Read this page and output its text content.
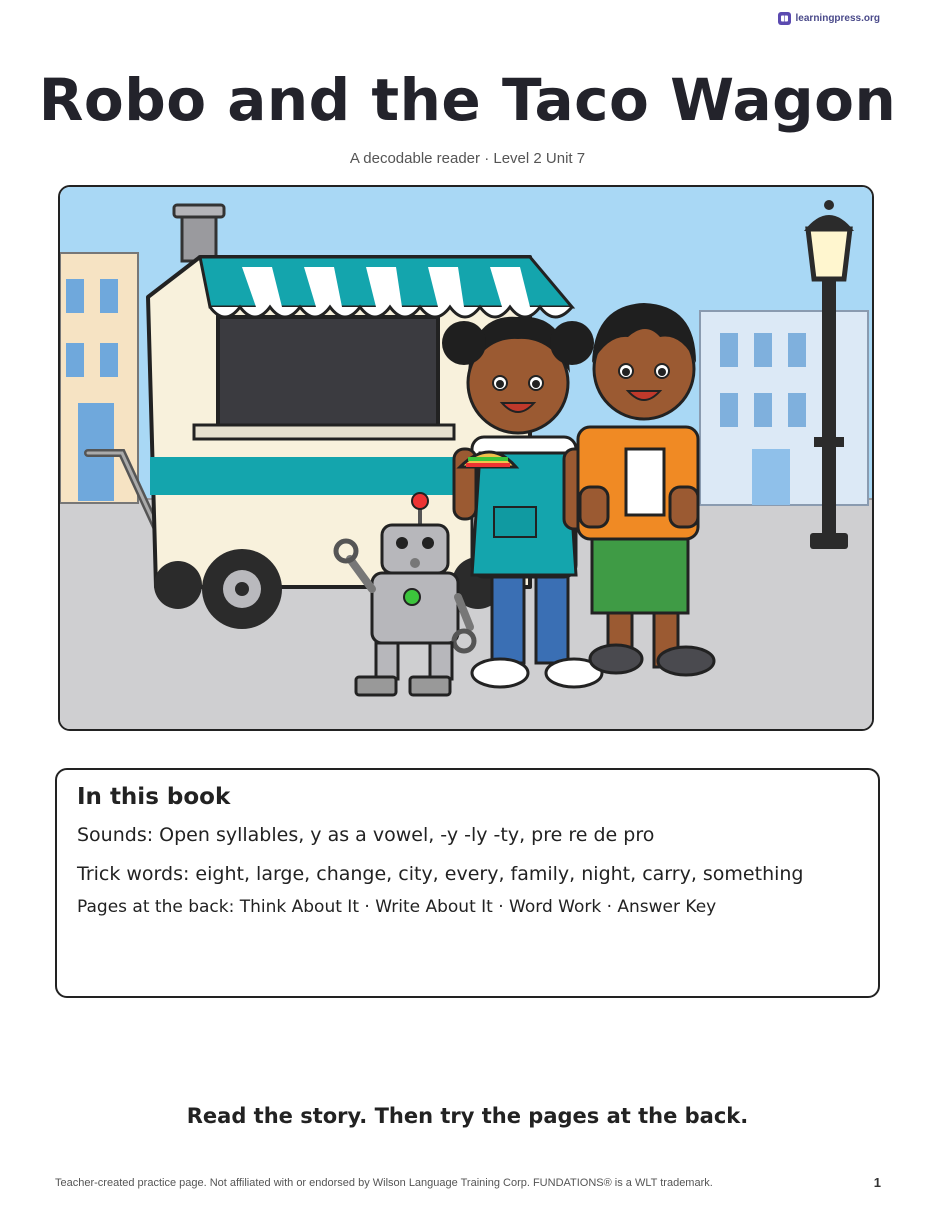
learningpress.org
Robo and the Taco Wagon
A decodable reader · Level 2 Unit 7
In this book

Sounds: Open syllables, y as a vowel, -y -ly -ty, pre re de pro

Trick words: eight, large, change, city, every, family, night, carry, something

Pages at the back: Think About It · Write About It · Word Work · Answer Key

Read the story. Then try the pages at the back.
Teacher-created practice page. Not affiliated with or endorsed by Wilson Language Training Corp. FUNDATIONS® is a WLT trademark.	1
